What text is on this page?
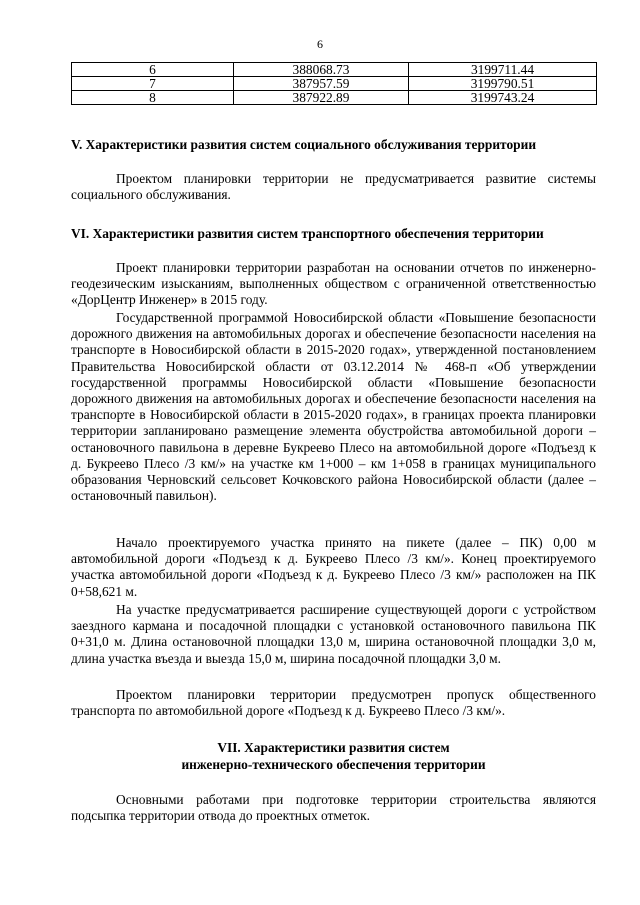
6
6	388068.73	3199711.44
7	387957.59	3199790.51
8	387922.89	3199743.24
V. Характеристики развития систем социального обслуживания территории
Проектом планировки территории не предусматривается развитие системы социального обслуживания.
VI. Характеристики развития систем транспортного обеспечения территории
Проект планировки территории разработан на основании отчетов по инженерно-геодезическим изысканиям, выполненных обществом с ограниченной ответственностью «ДорЦентр Инженер» в 2015 году.
Государственной программой Новосибирской области «Повышение безопасности дорожного движения на автомобильных дорогах и обеспечение безопасности населения на транспорте в Новосибирской области в 2015-2020 годах», утвержденной постановлением Правительства Новосибирской области от 03.12.2014 № 468-п «Об утверждении государственной программы Новосибирской области «Повышение безопасности дорожного движения на автомобильных дорогах и обеспечение безопасности населения на транспорте в Новосибирской области в 2015-2020 годах», в границах проекта планировки территории запланировано размещение элемента обустройства автомобильной дороги – остановочного павильона в деревне Букреево Плесо на автомобильной дороге «Подъезд к д. Букреево Плесо /3 км/» на участке км 1+000 – км 1+058 в границах муниципального образования Черновский сельсовет Кочковского района Новосибирской области (далее – остановочный павильон).
Начало проектируемого участка принято на пикете (далее – ПК) 0,00 м автомобильной дороги «Подъезд к д. Букреево Плесо /3 км/». Конец проектируемого участка автомобильной дороги «Подъезд к д. Букреево Плесо /3 км/» расположен на ПК 0+58,621 м.
На участке предусматривается расширение существующей дороги с устройством заездного кармана и посадочной площадки с установкой остановочного павильона ПК 0+31,0 м. Длина остановочной площадки 13,0 м, ширина остановочной площадки 3,0 м, длина участка въезда и выезда 15,0 м, ширина посадочной площадки 3,0 м.
Проектом планировки территории предусмотрен пропуск общественного транспорта по автомобильной дороге «Подъезд к д. Букреево Плесо /3 км/».
VII. Характеристики развития систем
инженерно-технического обеспечения территории
Основными работами при подготовке территории строительства являются подсыпка территории отвода до проектных отметок.
